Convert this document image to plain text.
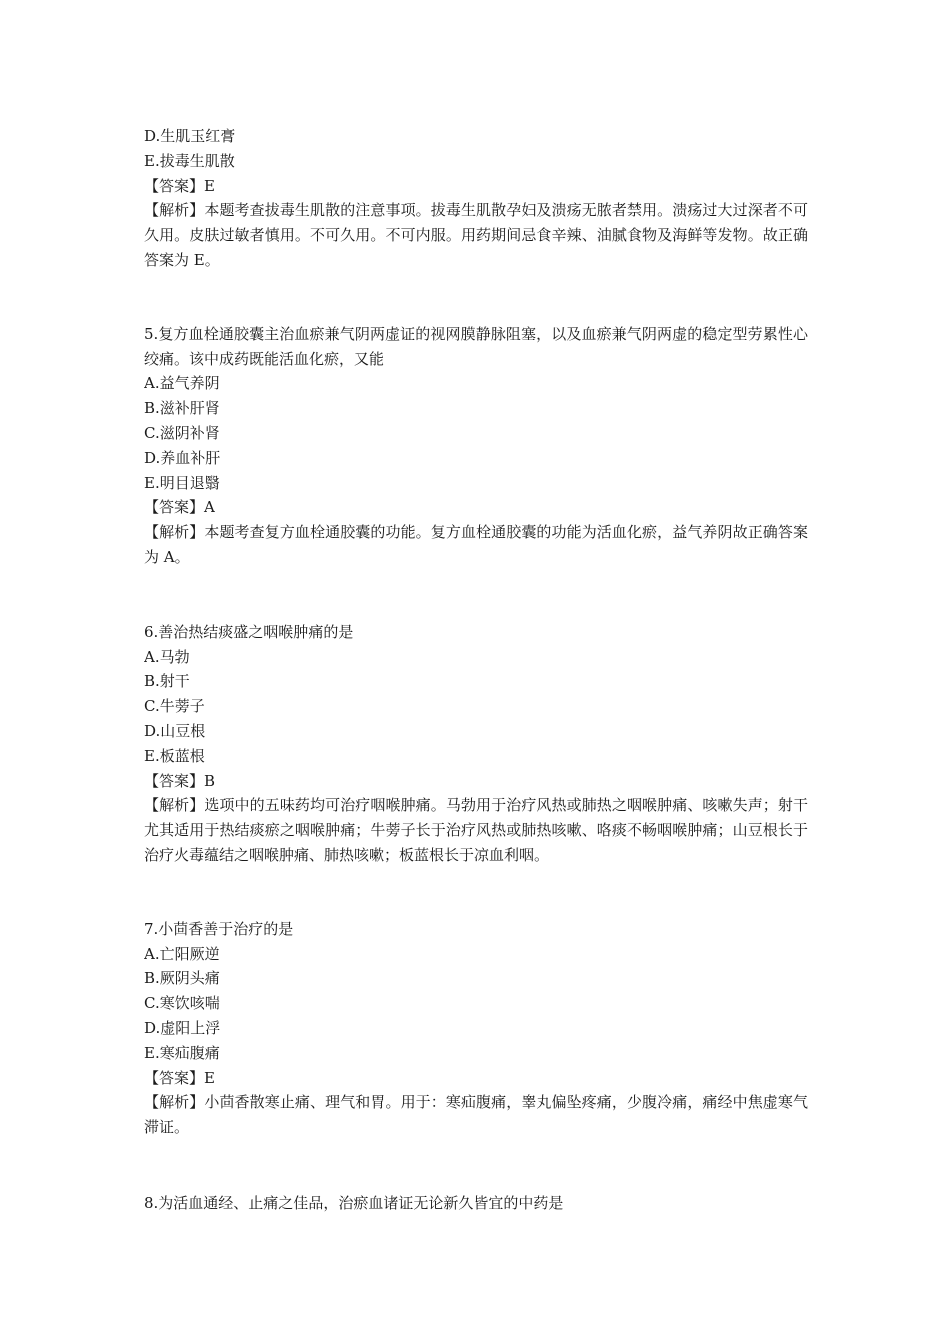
D.生肌玉红膏
E.拔毒生肌散
【答案】E
【解析】本题考查拔毒生肌散的注意事项。拔毒生肌散孕妇及溃疡无脓者禁用。溃疡过大过深者不可久用。皮肤过敏者慎用。不可久用。不可内服。用药期间忌食辛辣、油腻食物及海鲜等发物。故正确答案为 E。
5.复方血栓通胶囊主治血瘀兼气阴两虚证的视网膜静脉阻塞，以及血瘀兼气阴两虚的稳定型劳累性心绞痛。该中成药既能活血化瘀，又能
A.益气养阴
B.滋补肝肾
C.滋阴补肾
D.养血补肝
E.明目退翳
【答案】A
【解析】本题考查复方血栓通胶囊的功能。复方血栓通胶囊的功能为活血化瘀，益气养阴故正确答案为 A。
6.善治热结痰盛之咽喉肿痛的是
A.马勃
B.射干
C.牛蒡子
D.山豆根
E.板蓝根
【答案】B
【解析】选项中的五味药均可治疗咽喉肿痛。马勃用于治疗风热或肺热之咽喉肿痛、咳嗽失声；射干尤其适用于热结痰瘀之咽喉肿痛；牛蒡子长于治疗风热或肺热咳嗽、咯痰不畅咽喉肿痛；山豆根长于治疗火毒蕴结之咽喉肿痛、肺热咳嗽；板蓝根长于凉血利咽。
7.小茴香善于治疗的是
A.亡阳厥逆
B.厥阴头痛
C.寒饮咳喘
D.虚阳上浮
E.寒疝腹痛
【答案】E
【解析】小茴香散寒止痛、理气和胃。用于：寒疝腹痛，睾丸偏坠疼痛，少腹冷痛，痛经中焦虚寒气滞证。
8.为活血通经、止痛之佳品，治瘀血诸证无论新久皆宜的中药是
